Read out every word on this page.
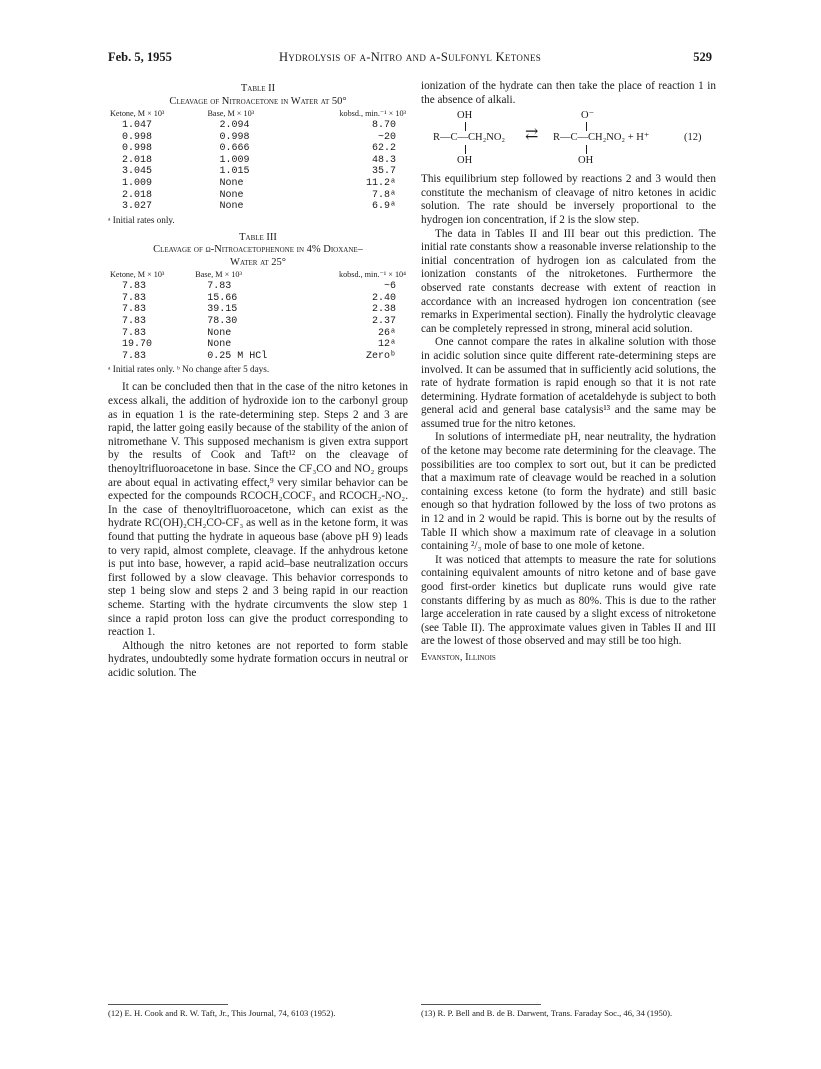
Feb. 5, 1955	Hydrolysis of α-Nitro and α-Sulfonyl Ketones	529
Table II
Cleavage of Nitroacetone in Water at 50°
Ketone, M × 10³	Base, M × 10³	kobsd., min.⁻¹ × 10³
1.047	2.094	8.70
0.998	0.998	~20
0.998	0.666	62.2
2.018	1.009	48.3
3.045	1.015	35.7
1.009	None	11.2ᵃ
2.018	None	7.8ᵃ
3.027	None	6.9ᵃ
ᵃ Initial rates only.
Table III
Cleavage of ω-Nitroacetophenone in 4% Dioxane–
Water at 25°
Ketone, M × 10³	Base, M × 10³	kobsd., min.⁻¹ × 10⁴
7.83	7.83	~6
7.83	15.66	2.40
7.83	39.15	2.38
7.83	78.30	2.37
7.83	None	26ᵃ
19.70	None	12ᵃ
7.83	0.25 M HCl	Zeroᵇ
ᵃ Initial rates only. ᵇ No change after 5 days.

It can be concluded then that in the case of the nitro ketones in excess alkali, the addition of hydroxide ion to the carbonyl group as in equation 1 is the rate-determining step. Steps 2 and 3 are rapid, the latter going easily because of the stability of the anion of nitromethane V. This supposed mechanism is given extra support by the results of Cook and Taft¹² on the cleavage of thenoyltrifluoroacetone in base. Since the CF₃CO and NO₂ groups are about equal in activating effect,⁹ very similar behavior can be expected for the compounds RCOCH₂COCF₃ and RCOCH₂-NO₂. In the case of thenoyltrifluoroacetone, which can exist as the hydrate RC(OH)₂CH₂CO-CF₃ as well as in the ketone form, it was found that putting the hydrate in aqueous base (above pH 9) leads to very rapid, almost complete, cleavage. If the anhydrous ketone is put into base, however, a rapid acid–base neutralization occurs first followed by a slow cleavage. This behavior corresponds to step 1 being slow and steps 2 and 3 being rapid in our reaction scheme. Starting with the hydrate circumvents the slow step 1 since a rapid proton loss can give the product corresponding to reaction 1.

Although the nitro ketones are not reported to form stable hydrates, undoubtedly some hydrate formation occurs in neutral or acidic solution. The

ionization of the hydrate can then take the place of reaction 1 in the absence of alkali.

OH	O⁻
R—C—CH₂NO₂ ⇄ R—C—CH₂NO₂ + H⁺	(12)
OH	OH

This equilibrium step followed by reactions 2 and 3 would then constitute the mechanism of cleavage of nitro ketones in acidic solution. The rate should be inversely proportional to the hydrogen ion concentration, if 2 is the slow step.

The data in Tables II and III bear out this prediction. The initial rate constants show a reasonable inverse relationship to the initial concentration of hydrogen ion as calculated from the ionization constants of the nitroketones. Furthermore the observed rate constants decrease with extent of reaction in accordance with an increased hydrogen ion concentration (see remarks in Experimental section). Finally the hydrolytic cleavage can be completely repressed in strong, mineral acid solution.

One cannot compare the rates in alkaline solution with those in acidic solution since quite different rate-determining steps are involved. It can be assumed that in sufficiently acid solutions, the rate of hydrate formation is rapid enough so that it is not rate determining. Hydrate formation of acetaldehyde is subject to both general acid and general base catalysis¹³ and the same may be assumed true for the nitro ketones.

In solutions of intermediate pH, near neutrality, the hydration of the ketone may become rate determining for the cleavage. The possibilities are too complex to sort out, but it can be predicted that a maximum rate of cleavage would be reached in a solution containing excess ketone (to form the hydrate) and still basic enough so that hydration followed by the loss of two protons as in 12 and in 2 would be rapid. This is borne out by the results of Table II which show a maximum rate of cleavage in a solution containing ²/₃ mole of base to one mole of ketone.

It was noticed that attempts to measure the rate for solutions containing equivalent amounts of nitro ketone and of base gave good first-order kinetics but duplicate runs would give rate constants differing by as much as 80%. This is due to the rather large acceleration in rate caused by a slight excess of nitroketone (see Table II). The approximate values given in Tables II and III are the lowest of those observed and may still be too high.

Evanston, Illinois
(12) E. H. Cook and R. W. Taft, Jr., This Journal, 74, 6103 (1952).	(13) R. P. Bell and B. de B. Darwent, Trans. Faraday Soc., 46, 34 (1950).
